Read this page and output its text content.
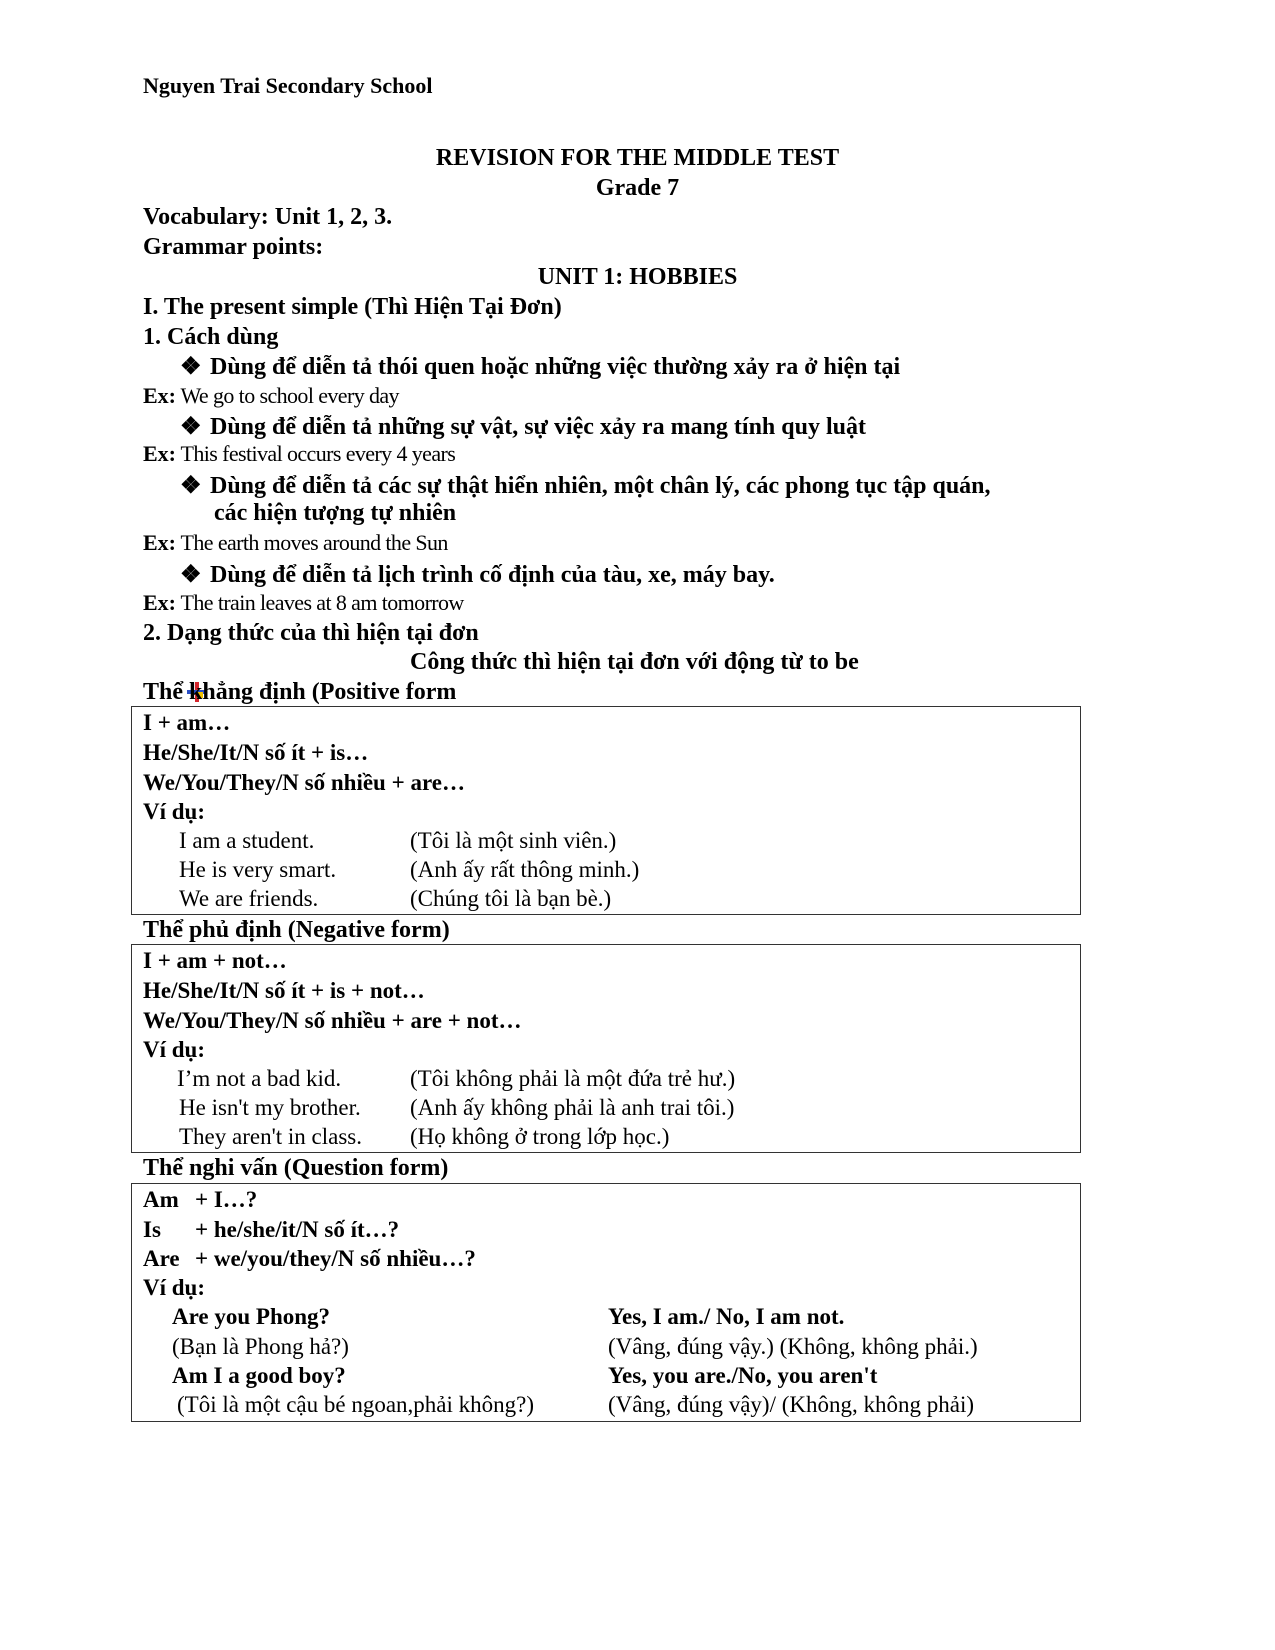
Nguyen Trai Secondary School
REVISION FOR THE MIDDLE TEST
Grade 7
Vocabulary: Unit 1, 2, 3.
Grammar points:
UNIT 1: HOBBIES
I. The present simple (Thì Hiện Tại Đơn)
1. Cách dùng
❖ Dùng để diễn tả thói quen hoặc những việc thường xảy ra ở hiện tại
Ex: We go to school every day
❖ Dùng để diễn tả những sự vật, sự việc xảy ra mang tính quy luật
Ex: This festival occurs every 4 years
❖ Dùng để diễn tả các sự thật hiển nhiên, một chân lý, các phong tục tập quán,
các hiện tượng tự nhiên
Ex: The earth moves around the Sun
❖ Dùng để diễn tả lịch trình cố định của tàu, xe, máy bay.
Ex: The train leaves at 8 am tomorrow
2. Dạng thức của thì hiện tại đơn
Công thức thì hiện tại đơn với động từ to be
Thể khẳng định (Positive form
I + am…
He/She/It/N số ít + is…
We/You/They/N số nhiều + are…
Ví dụ:
I am a student.	(Tôi là một sinh viên.)
He is very smart.	(Anh ấy rất thông minh.)
We are friends.	(Chúng tôi là bạn bè.)
Thể phủ định (Negative form)
I + am + not…
He/She/It/N số ít + is + not…
We/You/They/N số nhiều + are + not…
Ví dụ:
I’m not a bad kid.	(Tôi không phải là một đứa trẻ hư.)
He isn't my brother. (Anh ấy không phải là anh trai tôi.)
They aren't in class. (Họ không ở trong lớp học.)
Thể nghi vấn (Question form)
Am + I…?
Is + he/she/it/N số ít…?
Are + we/you/they/N số nhiều…?
Ví dụ:
Are you Phong?	Yes, I am./ No, I am not.
(Bạn là Phong hả?)	(Vâng, đúng vậy.) (Không, không phải.)
Am I a good boy?	Yes, you are./No, you aren't
(Tôi là một cậu bé ngoan,phải không?)	(Vâng, đúng vậy)/ (Không, không phải)
